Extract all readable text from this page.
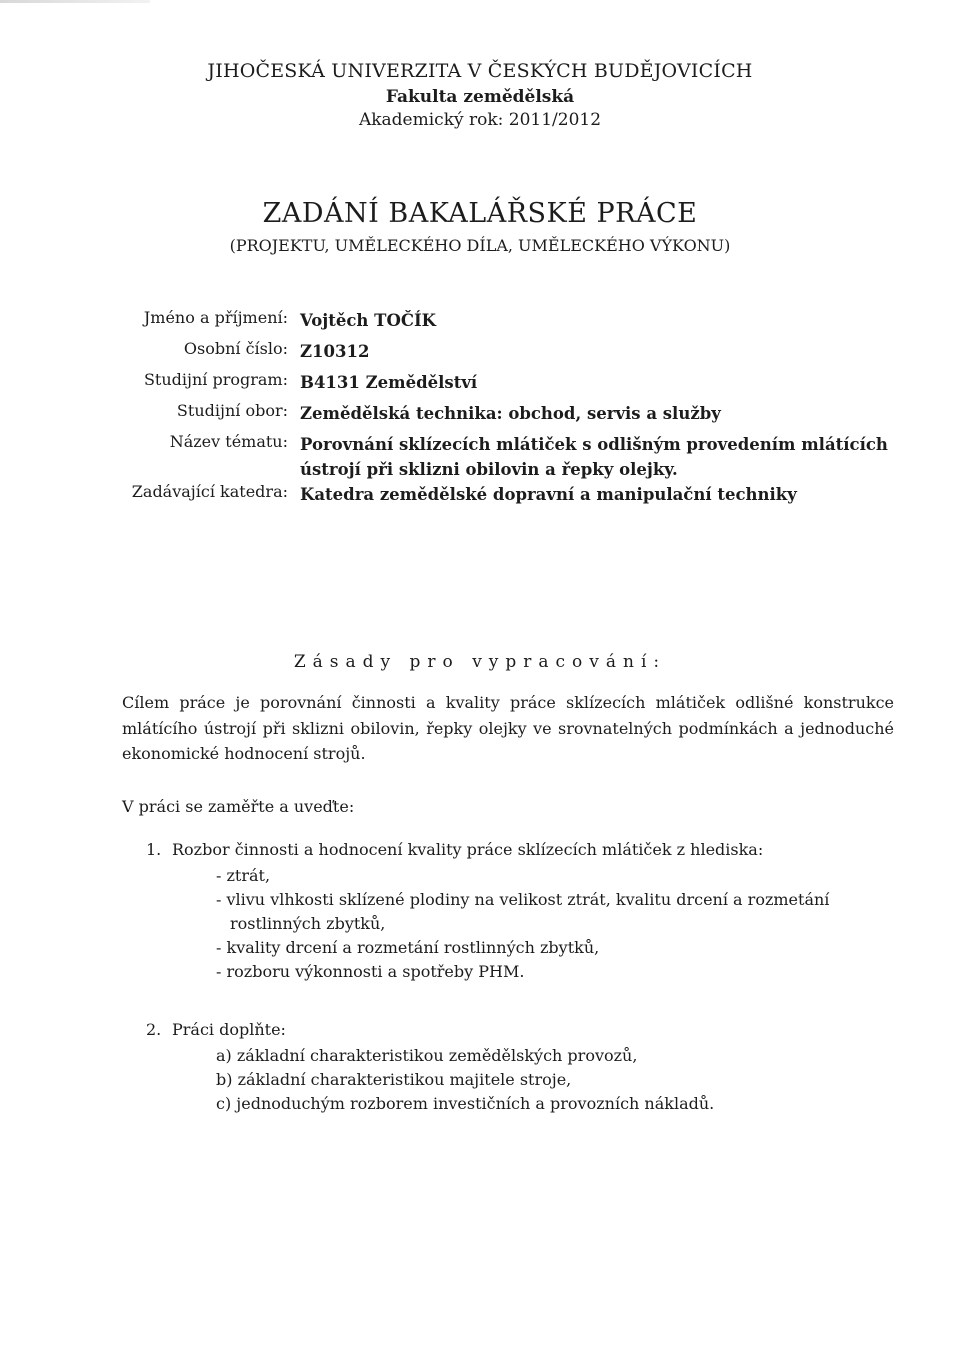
JIHOČESKÁ UNIVERZITA V ČESKÝCH BUDĚJOVICÍCH
Fakulta zemědělská
Akademický rok: 2011/2012
ZADÁNÍ BAKALÁŘSKÉ PRÁCE
(PROJEKTU, UMĚLECKÉHO DÍLA, UMĚLECKÉHO VÝKONU)
Jméno a příjmení: Vojtěch TOČÍK
Osobní číslo: Z10312
Studijní program: B4131 Zemědělství
Studijní obor: Zemědělská technika: obchod, servis a služby
Název tématu: Porovnání sklízecích mlátiček s odlišným provedením mlátících ústrojí při sklizni obilovin a řepky olejky.
Zadávající katedra: Katedra zemědělské dopravní a manipulační techniky
Zásady pro vypracování:
Cílem práce je porovnání činnosti a kvality práce sklízecích mlátiček odlišné konstrukce mlátícího ústrojí při sklizni obilovin, řepky olejky ve srovnatelných podmínkách a jednoduché ekonomické hodnocení strojů.
V práci se zaměřte a uveďte:
1. Rozbor činnosti a hodnocení kvality práce sklízecích mlátiček z hlediska:
- ztrát,
- vlivu vlhkosti sklízené plodiny na velikost ztrát, kvalitu drcení a rozmetání
rostlinných zbytků,
- kvality drcení a rozmetání rostlinných zbytků,
- rozboru výkonnosti a spotřeby PHM.
2. Práci doplňte:
a) základní charakteristikou zemědělských provozů,
b) základní charakteristikou majitele stroje,
c) jednoduchým rozborem investičních a provozních nákladů.
